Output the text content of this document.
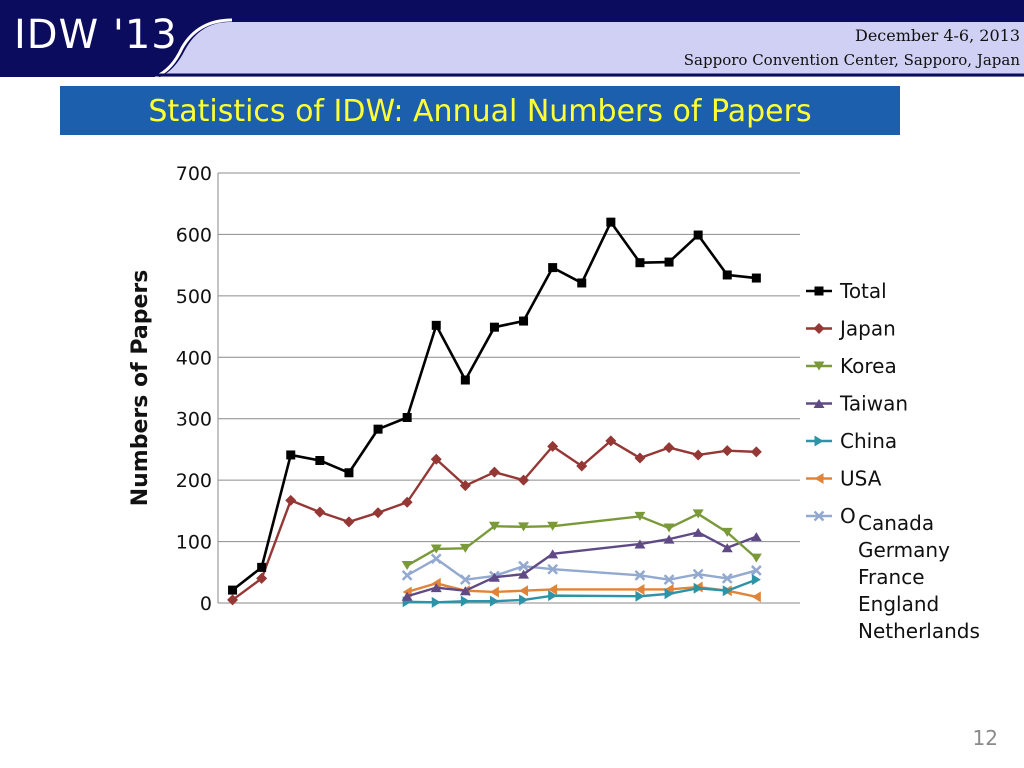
IDW '13	December 4-6, 2013
Sapporo Convention Center, Sapporo, Japan
Statistics of IDW: Annual Numbers of Papers
0
100
200
300
400
500
600
700
Numbers of Papers	Total
Japan
Korea
Taiwan
China
USA
O Canada
Germany
France
England
Netherlands
12
